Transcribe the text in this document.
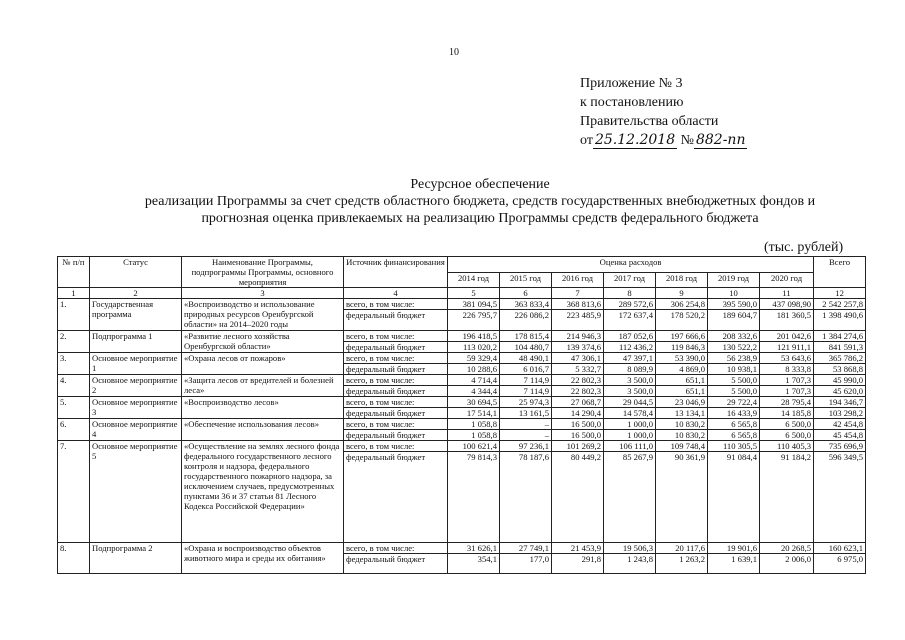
10
Приложение № 3
к постановлению
Правительства области
от 25.12.2018 № 882-пп
Ресурсное обеспечение
реализации Программы за счет средств областного бюджета, средств государственных внебюджетных фондов и
прогнозная оценка привлекаемых на реализацию Программы средств федерального бюджета
(тыс. рублей)
№ п/п	Статус	Наименование Программы, подпрограммы Программы, основного мероприятия	Источник финансирования	Оценка расходов							Всего
				2014 год	2015 год	2016 год	2017 год	2018 год	2019 год	2020 год	
1	2	3	4	5	6	7	8	9	10	11	12
1.	Государственная программа	«Воспроизводство и использование природных ресурсов Оренбургской области» на 2014–2020 годы	всего, в том числе:	381 094,5	363 833,4	368 813,6	289 572,6	306 254,8	395 590,0	437 098,90	2 542 257,8
			федеральный бюджет	226 795,7	226 086,2	223 485,9	172 637,4	178 520,2	189 604,7	181 360,5	1 398 490,6
2.	Подпрограмма 1	«Развитие лесного хозяйства Оренбургской области»	всего, в том числе:	196 418,5	178 815,4	214 946,3	187 052,6	197 666,6	208 332,6	201 042,6	1 384 274,6
			федеральный бюджет	113 020,2	104 480,7	139 374,6	112 436,2	119 846,3	130 522,2	121 911,1	841 591,3
3.	Основное мероприятие 1	«Охрана лесов от пожаров»	всего, в том числе:	59 329,4	48 490,1	47 306,1	47 397,1	53 390,0	56 238,9	53 643,6	365 786,2
			федеральный бюджет	10 288,6	6 016,7	5 332,7	8 089,9	4 869,0	10 938,1	8 333,8	53 868,8
4.	Основное мероприятие 2	«Защита лесов от вредителей и болезней леса»	всего, в том числе:	4 714,4	7 114,9	22 802,3	3 500,0	651,1	5 500,0	1 707,3	45 990,0
			федеральный бюджет	4 344,4	7 114,9	22 802,3	3 500,0	651,1	5 500,0	1 707,3	45 620,0
5.	Основное мероприятие 3	«Воспроизводство лесов»	всего, в том числе:	30 694,5	25 974,3	27 068,7	29 044,5	23 046,9	29 722,4	28 795,4	194 346,7
			федеральный бюджет	17 514,1	13 161,5	14 290,4	14 578,4	13 134,1	16 433,9	14 185,8	103 298,2
6.	Основное мероприятие 4	«Обеспечение использования лесов»	всего, в том числе:	1 058,8	–	16 500,0	1 000,0	10 830,2	6 565,8	6 500,0	42 454,8
			федеральный бюджет	1 058,8	–	16 500,0	1 000,0	10 830,2	6 565,8	6 500,0	45 454,8
7.	Основное мероприятие 5	«Осуществление на землях лесного фонда федерального государственного лесного контроля и надзора, федерального государственного пожарного надзора, за исключением случаев, предусмотренных пунктами 36 и 37 статьи 81 Лесного Кодекса Российской Федерации»	всего, в том числе:	100 621,4	97 236,1	101 269,2	106 111,0	109 748,4	110 305,5	110 405,3	735 696,9
			федеральный бюджет	79 814,3	78 187,6	80 449,2	85 267,9	90 361,9	91 084,4	91 184,2	596 349,5
8.	Подпрограмма 2	«Охрана и воспроизводство объектов животного мира и среды их обитания»	всего, в том числе:	31 626,1	27 749,1	21 453,9	19 506,3	20 117,6	19 901,6	20 268,5	160 623,1
			федеральный бюджет	354,1	177,0	291,8	1 243,8	1 263,2	1 639,1	2 006,0	6 975,0
